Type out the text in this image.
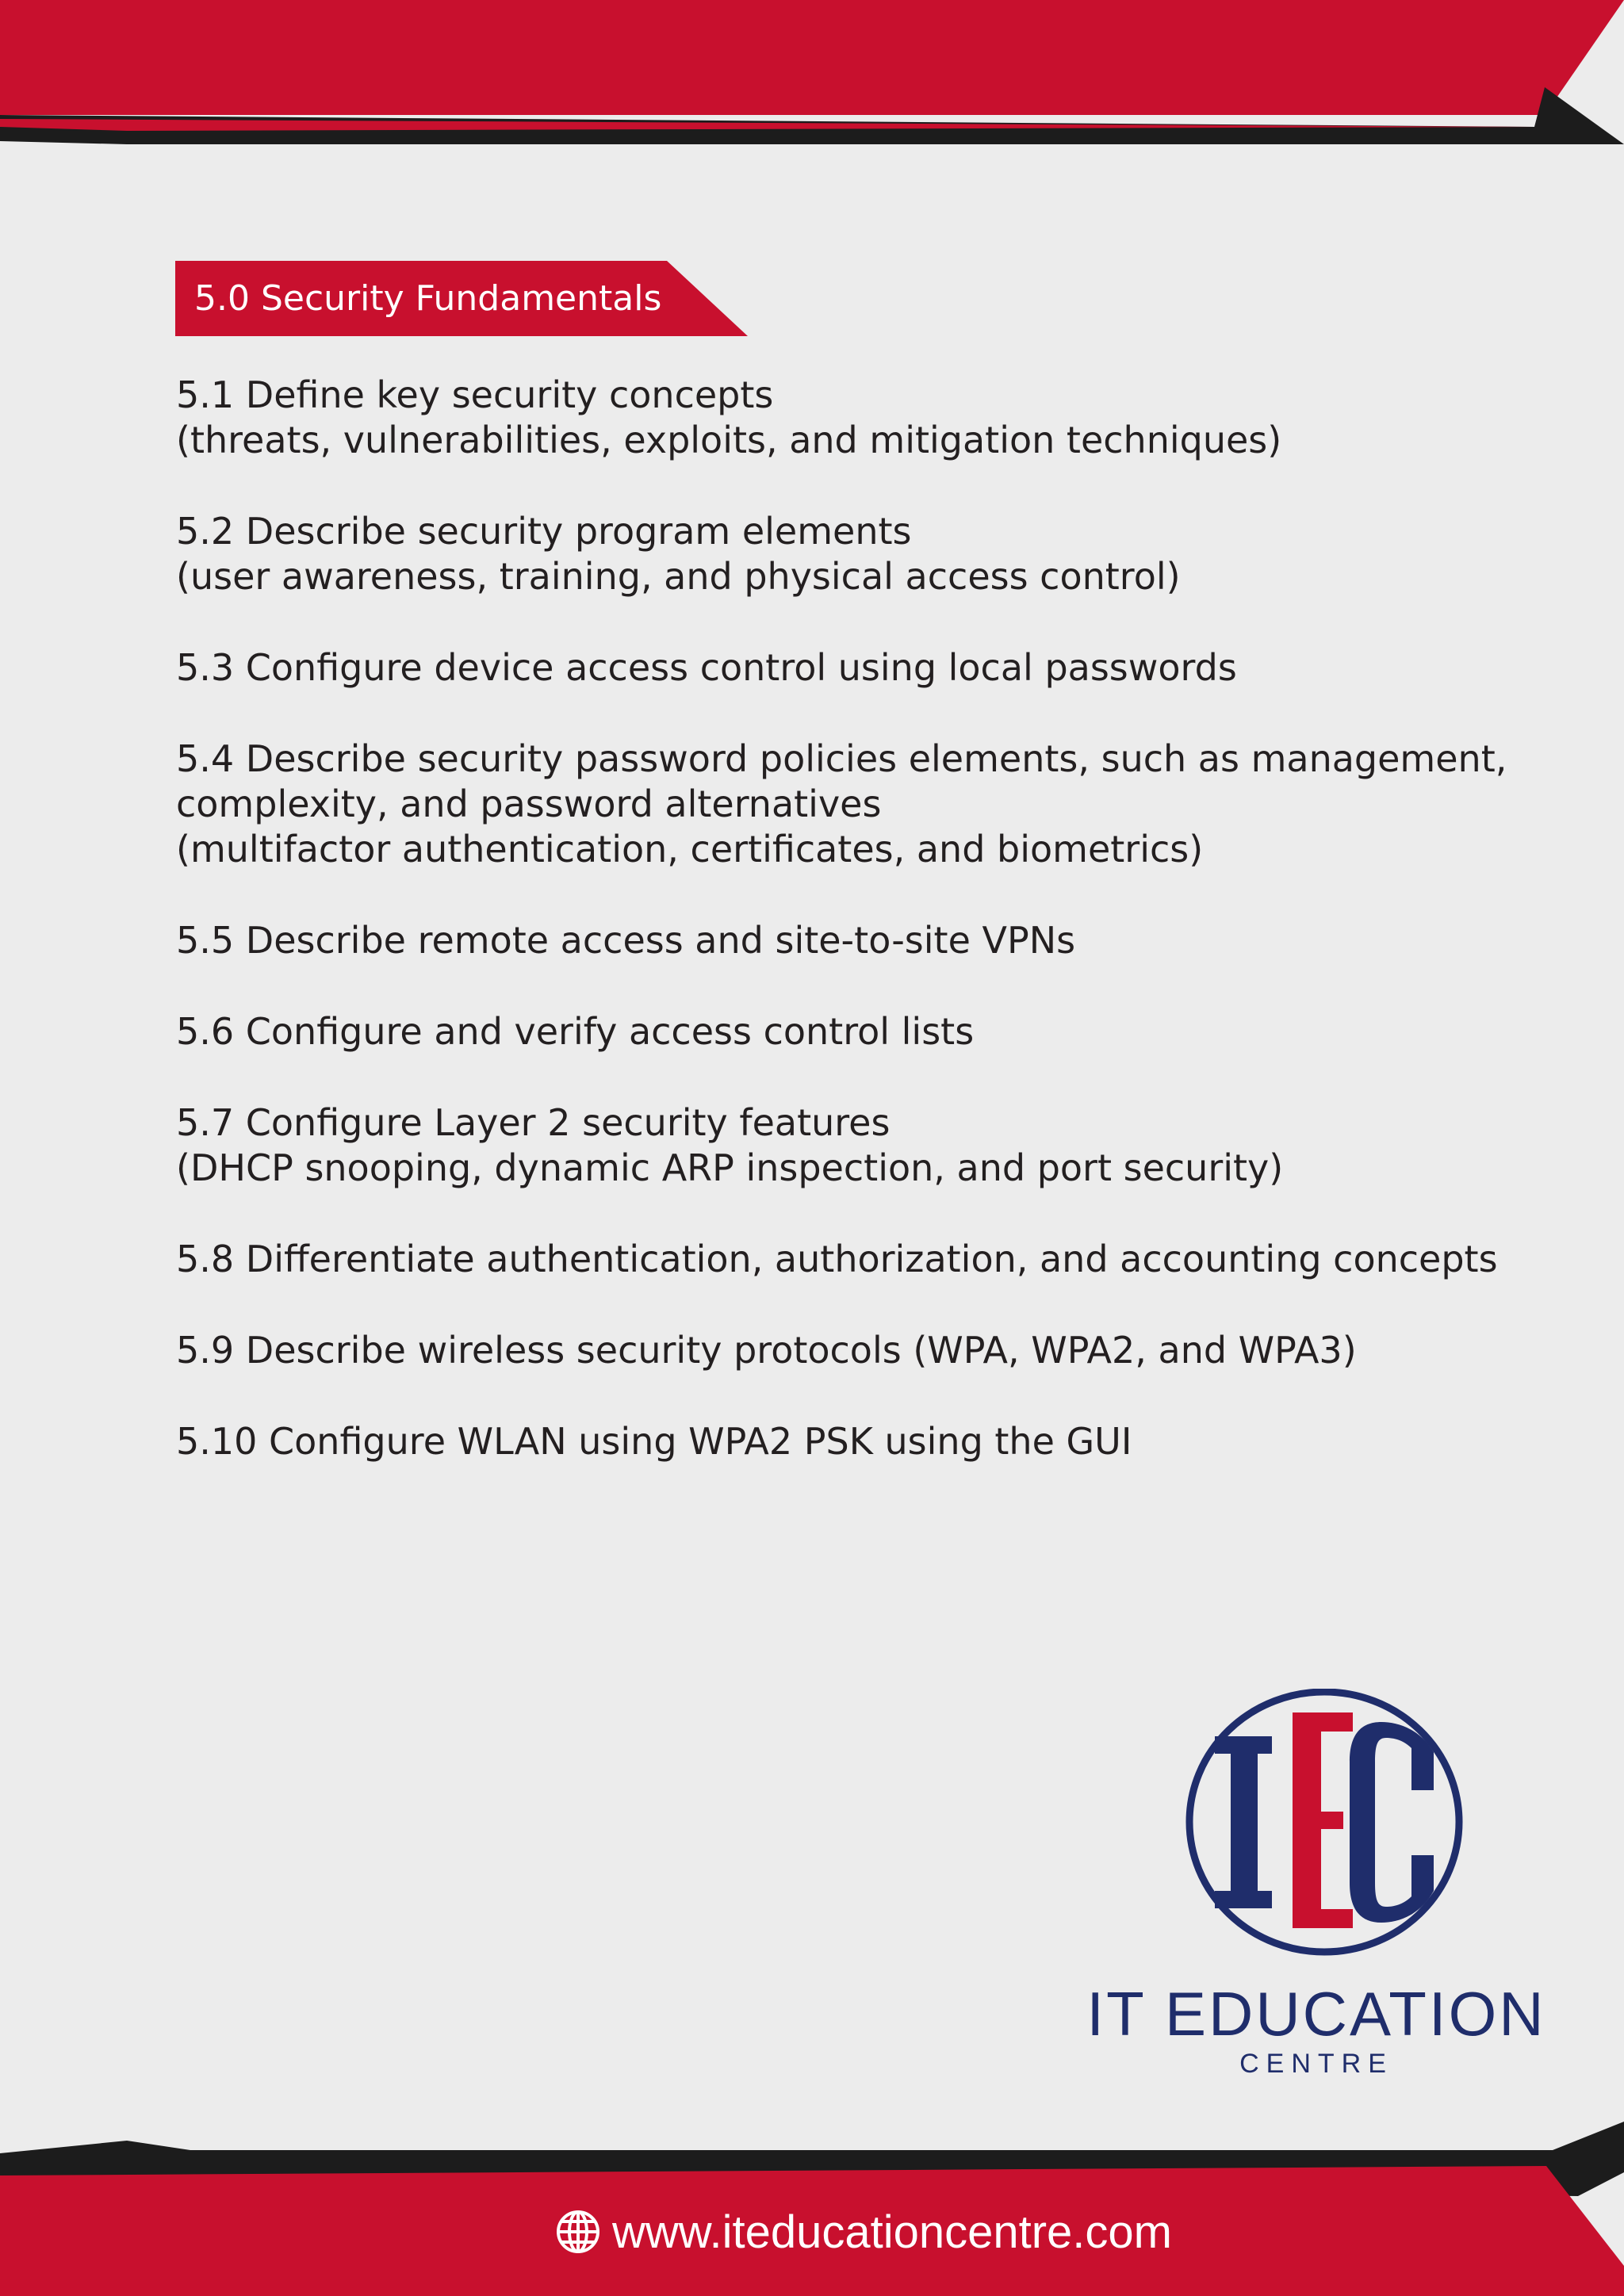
5.0 Security Fundamentals
5.1 Define key security concepts
(threats, vulnerabilities, exploits, and mitigation techniques)
5.2 Describe security program elements
(user awareness, training, and physical access control)
5.3 Configure device access control using local passwords
5.4 Describe security password policies elements, such as management,
complexity, and password alternatives
(multifactor authentication, certificates, and biometrics)
5.5 Describe remote access and site-to-site VPNs
5.6 Configure and verify access control lists
5.7 Configure Layer 2 security features
(DHCP snooping, dynamic ARP inspection, and port security)
5.8 Differentiate authentication, authorization, and accounting concepts
5.9 Describe wireless security protocols (WPA, WPA2, and WPA3)
5.10 Configure WLAN using WPA2 PSK using the GUI
IT EDUCATION
CENTRE
www.iteducationcentre.com
